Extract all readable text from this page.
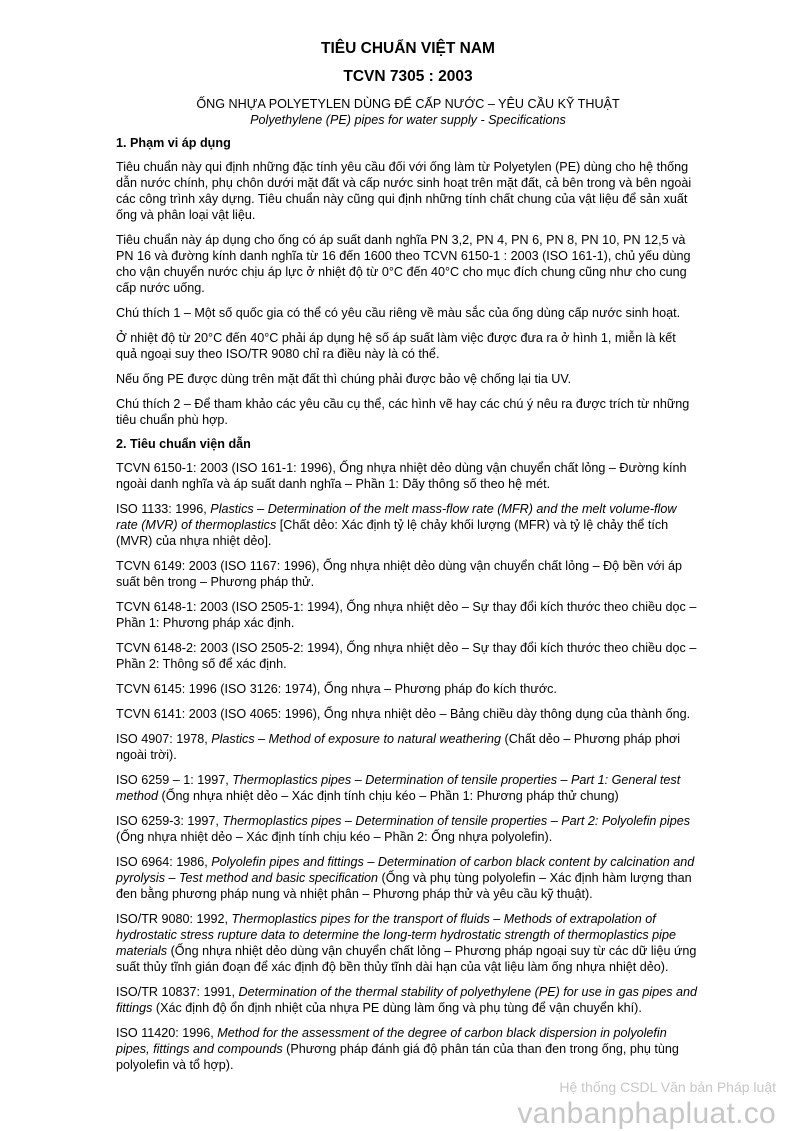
TIÊU CHUẨN VIỆT NAM
TCVN 7305 : 2003
ỐNG NHỰA POLYETYLEN DÙNG ĐỂ CẤP NƯỚC – YÊU CẦU KỸ THUẬT
Polyethylene (PE) pipes for water supply - Specifications
1. Phạm vi áp dụng

Tiêu chuẩn này qui định những đặc tính yêu cầu đối với ống làm từ Polyetylen (PE) dùng cho hệ thống dẫn nước chính, phụ chôn dưới mặt đất và cấp nước sinh hoạt trên mặt đất, cả bên trong và bên ngoài các công trình xây dựng. Tiêu chuẩn này cũng qui định những tính chất chung của vật liệu để sản xuất ống và phân loại vật liệu.

Tiêu chuẩn này áp dụng cho ống có áp suất danh nghĩa PN 3,2, PN 4, PN 6, PN 8, PN 10, PN 12,5 và PN 16 và đường kính danh nghĩa từ 16 đến 1600 theo TCVN 6150-1 : 2003 (ISO 161-1), chủ yếu dùng cho vận chuyển nước chịu áp lực ở nhiệt độ từ 0°C đến 40°C cho mục đích chung cũng như cho cung cấp nước uống.

Chú thích 1 – Một số quốc gia có thể có yêu cầu riêng về màu sắc của ống dùng cấp nước sinh hoạt.

Ở nhiệt độ từ 20°C đến 40°C phải áp dụng hệ số áp suất làm việc được đưa ra ở hình 1, miễn là kết quả ngoại suy theo ISO/TR 9080 chỉ ra điều này là có thể.

Nếu ống PE được dùng trên mặt đất thì chúng phải được bảo vệ chống lại tia UV.

Chú thích 2 – Để tham khảo các yêu cầu cụ thể, các hình vẽ hay các chú ý nêu ra được trích từ những tiêu chuẩn phù hợp.

2. Tiêu chuẩn viện dẫn

TCVN 6150-1: 2003 (ISO 161-1: 1996), Ống nhựa nhiệt dẻo dùng vận chuyển chất lỏng – Đường kính ngoài danh nghĩa và áp suất danh nghĩa – Phần 1: Dãy thông số theo hệ mét.

ISO 1133: 1996, Plastics – Determination of the melt mass-flow rate (MFR) and the melt volume-flow rate (MVR) of thermoplastics [Chất dẻo: Xác định tỷ lệ chảy khối lượng (MFR) và tỷ lệ chảy thể tích (MVR) của nhựa nhiệt dẻo].

TCVN 6149: 2003 (ISO 1167: 1996), Ống nhựa nhiệt dẻo dùng vận chuyển chất lỏng – Độ bền với áp suất bên trong – Phương pháp thử.

TCVN 6148-1: 2003 (ISO 2505-1: 1994), Ống nhựa nhiệt dẻo – Sự thay đổi kích thước theo chiều dọc – Phần 1: Phương pháp xác định.

TCVN 6148-2: 2003 (ISO 2505-2: 1994), Ống nhựa nhiệt dẻo – Sự thay đổi kích thước theo chiều dọc – Phần 2: Thông số để xác định.

TCVN 6145: 1996 (ISO 3126: 1974), Ống nhựa – Phương pháp đo kích thước.

TCVN 6141: 2003 (ISO 4065: 1996), Ống nhựa nhiệt dẻo – Bảng chiều dày thông dụng của thành ống.

ISO 4907: 1978, Plastics – Method of exposure to natural weathering (Chất dẻo – Phương pháp phơi ngoài trời).

ISO 6259 – 1: 1997, Thermoplastics pipes – Determination of tensile properties – Part 1: General test method (Ống nhựa nhiệt dẻo – Xác định tính chịu kéo – Phần 1: Phương pháp thử chung)

ISO 6259-3: 1997, Thermoplastics pipes – Determination of tensile properties – Part 2: Polyolefin pipes (Ống nhựa nhiệt dẻo – Xác định tính chịu kéo – Phần 2: Ống nhựa polyolefin).

ISO 6964: 1986, Polyolefin pipes and fittings – Determination of carbon black content by calcination and pyrolysis – Test method and basic specification (Ống và phụ tùng polyolefin – Xác định hàm lượng than đen bằng phương pháp nung và nhiệt phân – Phương pháp thử và yêu cầu kỹ thuật).

ISO/TR 9080: 1992, Thermoplastics pipes for the transport of fluids – Methods of extrapolation of hydrostatic stress rupture data to determine the long-term hydrostatic strength of thermoplastics pipe materials (Ống nhựa nhiệt dẻo dùng vận chuyển chất lỏng – Phương pháp ngoại suy từ các dữ liệu ứng suất thủy tĩnh gián đoạn để xác định độ bền thủy tĩnh dài hạn của vật liệu làm ống nhựa nhiệt dẻo).

ISO/TR 10837: 1991, Determination of the thermal stability of polyethylene (PE) for use in gas pipes and fittings (Xác định độ ổn định nhiệt của nhựa PE dùng làm ống và phụ tùng để vận chuyển khí).

ISO 11420: 1996, Method for the assessment of the degree of carbon black dispersion in polyolefin pipes, fittings and compounds (Phương pháp đánh giá độ phân tán của than đen trong ống, phụ tùng polyolefin và tổ hợp).

Hệ thống CSDL Văn bản Pháp luật
vanbanphapluat.co
